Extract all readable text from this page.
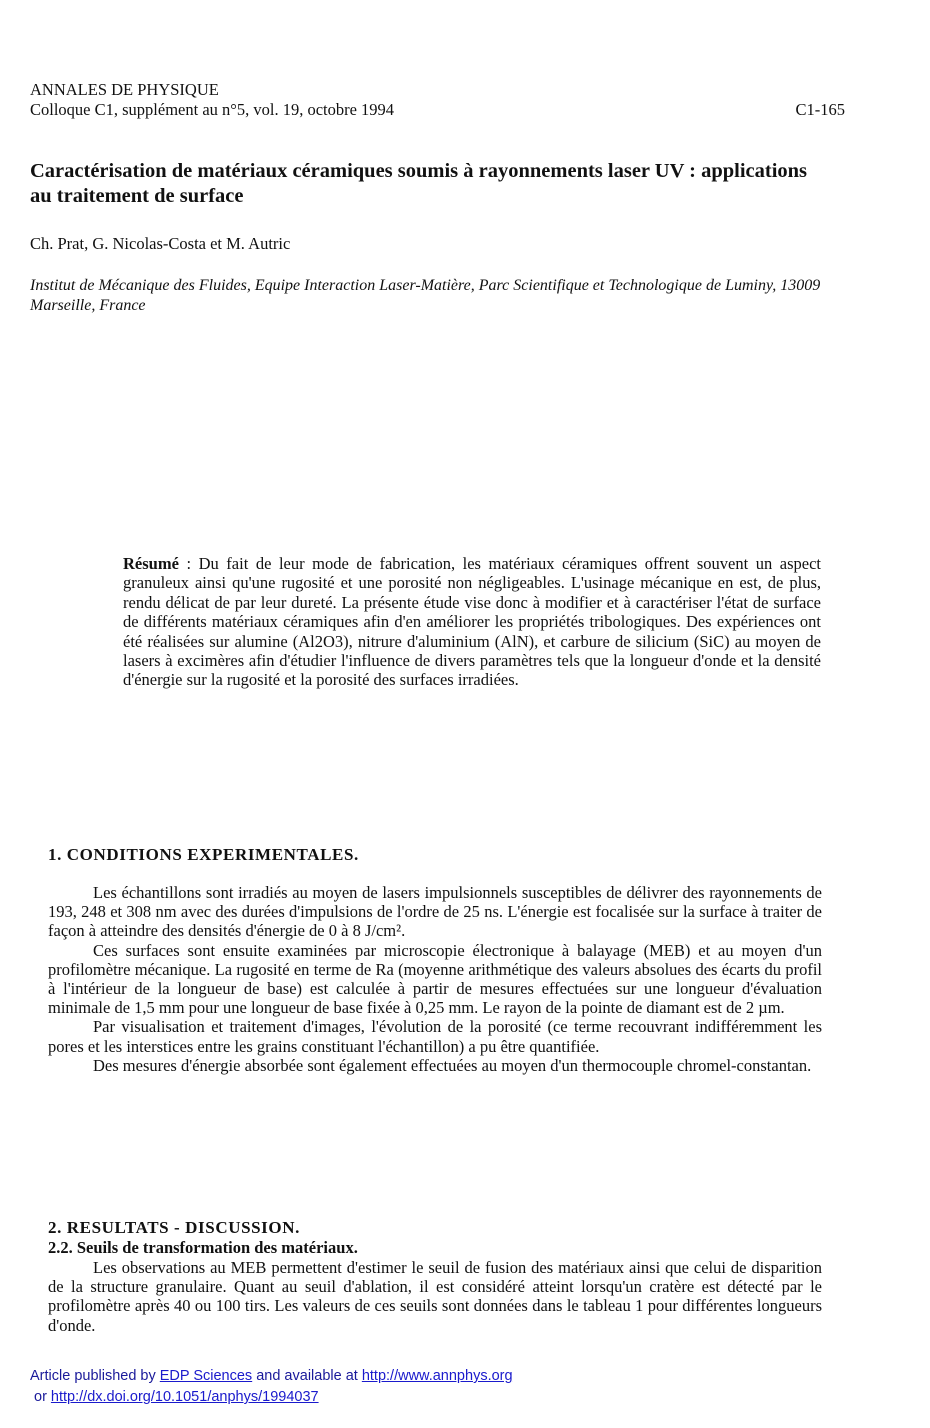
ANNALES DE PHYSIQUE
Colloque C1, supplément au n°5, vol. 19, octobre 1994	C1-165
Caractérisation de matériaux céramiques soumis à rayonnements laser UV : applications au traitement de surface
Ch. Prat, G. Nicolas-Costa et M. Autric
Institut de Mécanique des Fluides, Equipe Interaction Laser-Matière, Parc Scientifique et Technologique de Luminy, 13009 Marseille, France

Résumé : Du fait de leur mode de fabrication, les matériaux céramiques offrent souvent un aspect granuleux ainsi qu'une rugosité et une porosité non négligeables. L'usinage mécanique en est, de plus, rendu délicat de par leur dureté. La présente étude vise donc à modifier et à caractériser l'état de surface de différents matériaux céramiques afin d'en améliorer les propriétés tribologiques. Des expériences ont été réalisées sur alumine (Al2O3), nitrure d'aluminium (AlN), et carbure de silicium (SiC) au moyen de lasers à excimères afin d'étudier l'influence de divers paramètres tels que la longueur d'onde et la densité d'énergie sur la rugosité et la porosité des surfaces irradiées.

1. CONDITIONS EXPERIMENTALES.

Les échantillons sont irradiés au moyen de lasers impulsionnels susceptibles de délivrer des rayonnements de 193, 248 et 308 nm avec des durées d'impulsions de l'ordre de 25 ns. L'énergie est focalisée sur la surface à traiter de façon à atteindre des densités d'énergie de 0 à 8 J/cm².

Ces surfaces sont ensuite examinées par microscopie électronique à balayage (MEB) et au moyen d'un profilomètre mécanique. La rugosité en terme de Ra (moyenne arithmétique des valeurs absolues des écarts du profil à l'intérieur de la longueur de base) est calculée à partir de mesures effectuées sur une longueur d'évaluation minimale de 1,5 mm pour une longueur de base fixée à 0,25 mm. Le rayon de la pointe de diamant est de 2 µm.

Par visualisation et traitement d'images, l'évolution de la porosité (ce terme recouvrant indifféremment les pores et les interstices entre les grains constituant l'échantillon) a pu être quantifiée.

Des mesures d'énergie absorbée sont également effectuées au moyen d'un thermocouple chromel-constantan.

2. RESULTATS - DISCUSSION.
2.2. Seuils de transformation des matériaux.

Les observations au MEB permettent d'estimer le seuil de fusion des matériaux ainsi que celui de disparition de la structure granulaire. Quant au seuil d'ablation, il est considéré atteint lorsqu'un cratère est détecté par le profilomètre après 40 ou 100 tirs. Les valeurs de ces seuils sont données dans le tableau 1 pour différentes longueurs d'onde.

Article published by EDP Sciences and available at http://www.annphys.org
or http://dx.doi.org/10.1051/anphys/1994037
